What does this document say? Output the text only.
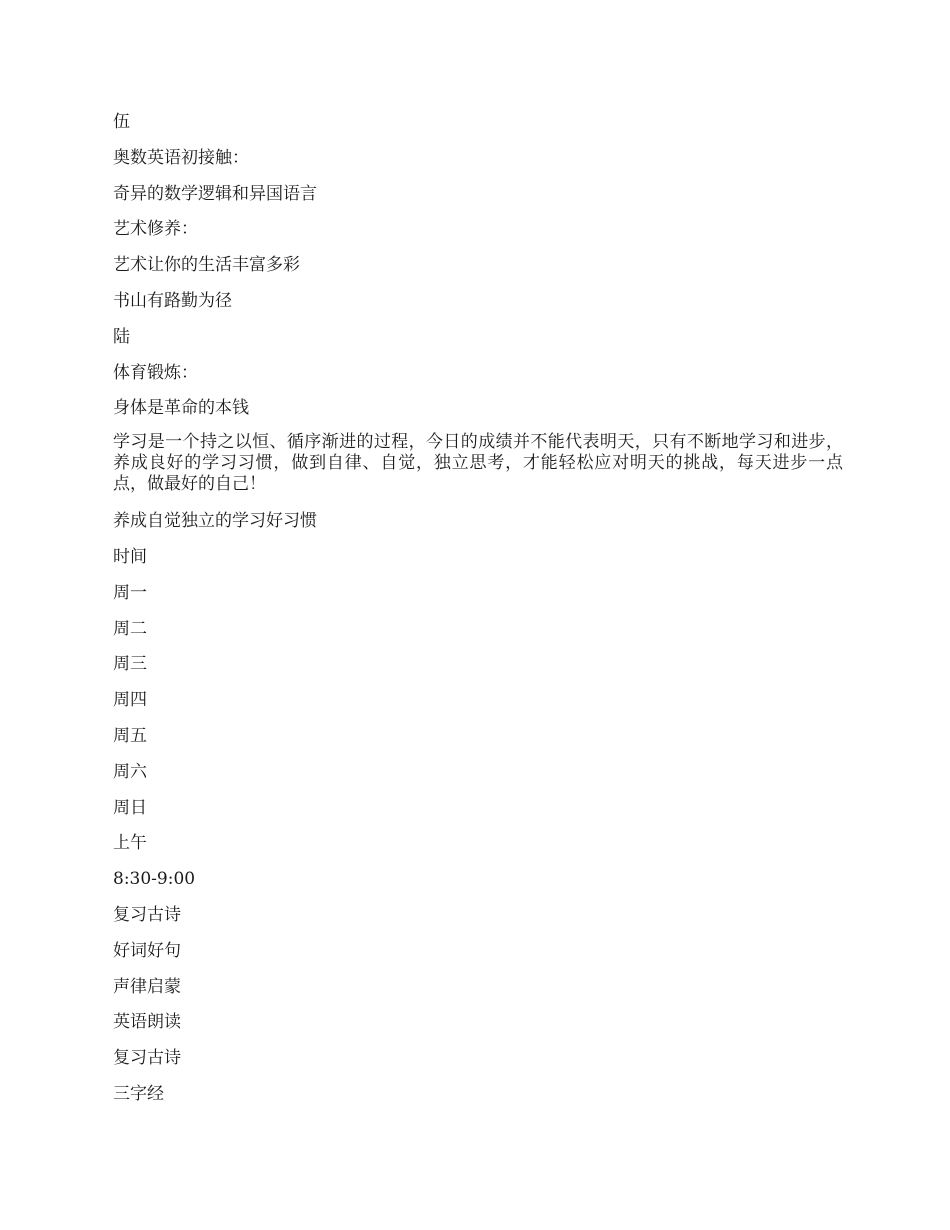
伍
奥数英语初接触：
奇异的数学逻辑和异国语言
艺术修养：
艺术让你的生活丰富多彩
书山有路勤为径
陆
体育锻炼：
身体是革命的本钱
学习是一个持之以恒、循序渐进的过程，今日的成绩并不能代表明天，只有不断地学习和进步，养成良好的学习习惯，做到自律、自觉，独立思考，才能轻松应对明天的挑战，每天进步一点点，做最好的自己！
养成自觉独立的学习好习惯
时间
周一
周二
周三
周四
周五
周六
周日
上午
8:30-9:00
复习古诗
好词好句
声律启蒙
英语朗读
复习古诗
三字经
